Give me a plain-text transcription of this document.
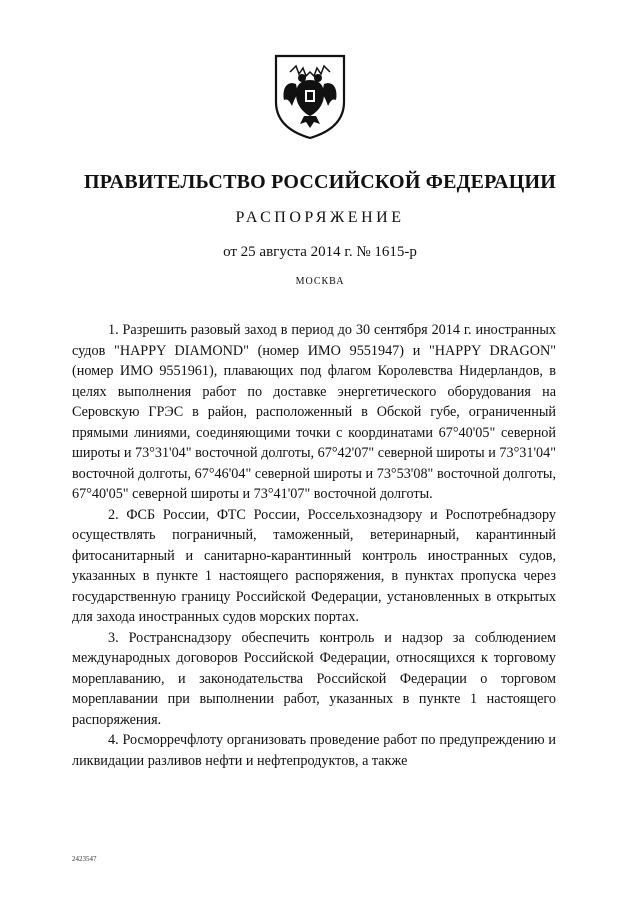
ПРАВИТЕЛЬСТВО РОССИЙСКОЙ ФЕДЕРАЦИИ
РАСПОРЯЖЕНИЕ
от 25 августа 2014 г. № 1615-р
МОСКВА

1. Разрешить разовый заход в период до 30 сентября 2014 г. иностранных судов "HAPPY DIAMOND" (номер ИМО 9551947) и "HAPPY DRAGON" (номер ИМО 9551961), плавающих под флагом Королевства Нидерландов, в целях выполнения работ по доставке энергетического оборудования на Серовскую ГРЭС в район, расположенный в Обской губе, ограниченный прямыми линиями, соединяющими точки с координатами 67°40'05" северной широты и 73°31'04" восточной долготы, 67°42'07" северной широты и 73°31'04" восточной долготы, 67°46'04" северной широты и 73°53'08" восточной долготы, 67°40'05" северной широты и 73°41'07" восточной долготы.

2. ФСБ России, ФТС России, Россельхознадзору и Роспотребнадзору осуществлять пограничный, таможенный, ветеринарный, карантинный фитосанитарный и санитарно-карантинный контроль иностранных судов, указанных в пункте 1 настоящего распоряжения, в пунктах пропуска через государственную границу Российской Федерации, установленных в открытых для захода иностранных судов морских портах.

3. Ространснадзору обеспечить контроль и надзор за соблюдением международных договоров Российской Федерации, относящихся к торговому мореплаванию, и законодательства Российской Федерации о торговом мореплавании при выполнении работ, указанных в пункте 1 настоящего распоряжения.

4. Росморречфлоту организовать проведение работ по предупреждению и ликвидации разливов нефти и нефтепродуктов, а также

2423547
